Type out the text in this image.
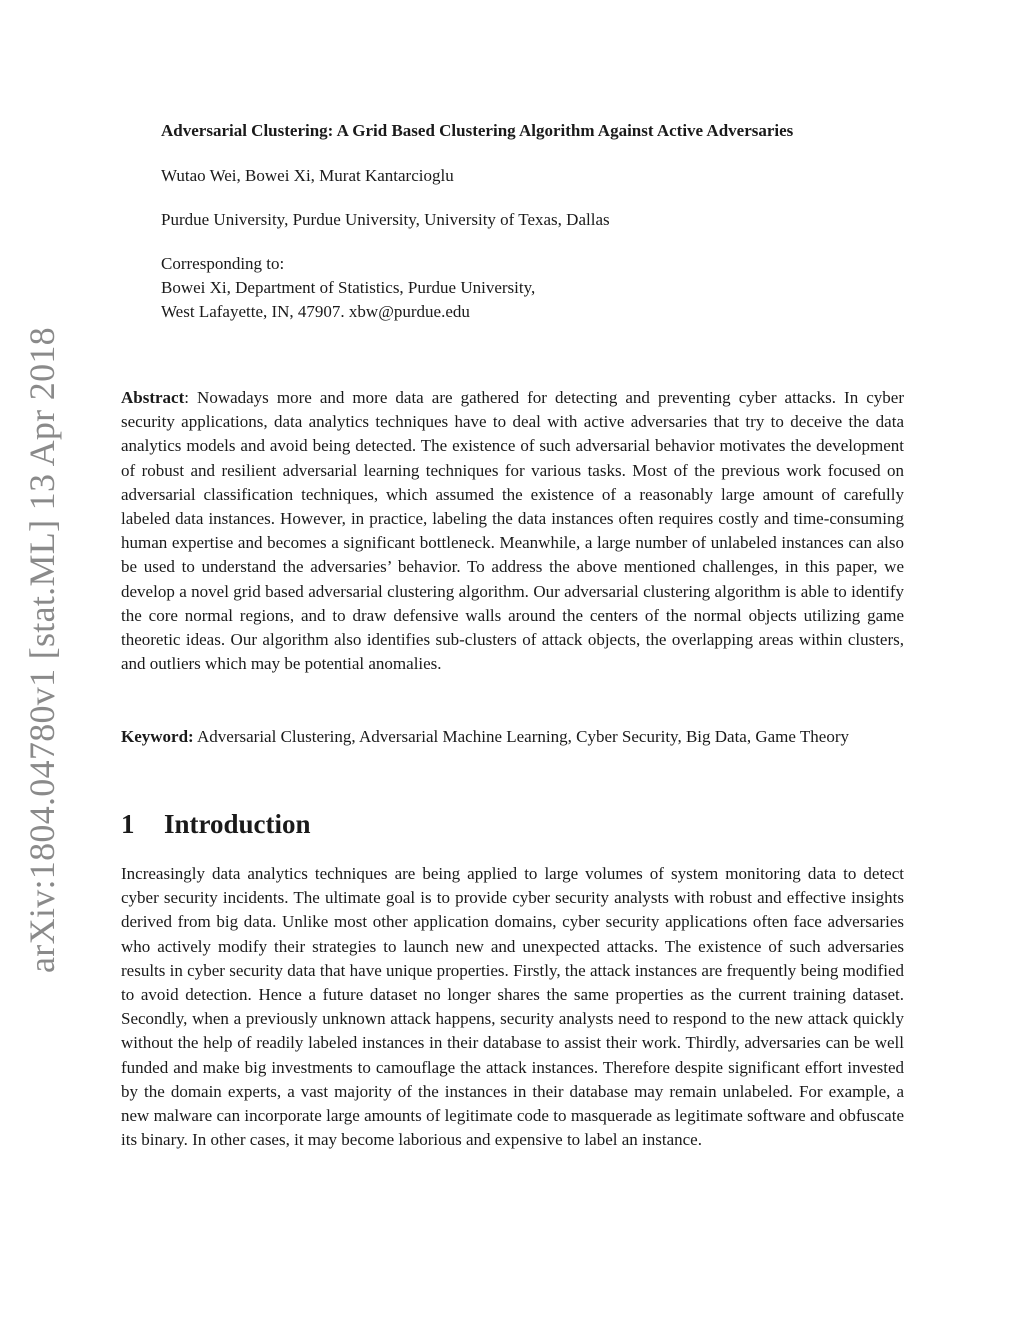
arXiv:1804.04780v1 [stat.ML] 13 Apr 2018

Adversarial Clustering: A Grid Based Clustering Algorithm Against Active Adversaries

Wutao Wei, Bowei Xi, Murat Kantarcioglu

Purdue University, Purdue University, University of Texas, Dallas

Corresponding to:
Bowei Xi, Department of Statistics, Purdue University,
West Lafayette, IN, 47907. xbw@purdue.edu

Abstract: Nowadays more and more data are gathered for detecting and preventing cyber attacks. In cyber security applications, data analytics techniques have to deal with active adversaries that try to deceive the data analytics models and avoid being detected. The existence of such adversarial behavior motivates the development of robust and resilient adversarial learning techniques for various tasks. Most of the previous work focused on adversarial classification techniques, which assumed the existence of a reasonably large amount of carefully labeled data instances. However, in practice, labeling the data instances often requires costly and time-consuming human expertise and becomes a significant bottleneck. Meanwhile, a large number of unlabeled instances can also be used to understand the adversaries’ behavior. To address the above mentioned challenges, in this paper, we develop a novel grid based adversarial clustering algorithm. Our adversarial clustering algorithm is able to identify the core normal regions, and to draw defensive walls around the centers of the normal objects utilizing game theoretic ideas. Our algorithm also identifies sub-clusters of attack objects, the overlapping areas within clusters, and outliers which may be potential anomalies.

Keyword: Adversarial Clustering, Adversarial Machine Learning, Cyber Security, Big Data, Game Theory

1 Introduction

Increasingly data analytics techniques are being applied to large volumes of system monitoring data to detect cyber security incidents. The ultimate goal is to provide cyber security analysts with robust and effective insights derived from big data. Unlike most other application domains, cyber security applications often face adversaries who actively modify their strategies to launch new and unexpected attacks. The existence of such adversaries results in cyber security data that have unique properties. Firstly, the attack instances are frequently being modified to avoid detection. Hence a future dataset no longer shares the same properties as the current training dataset. Secondly, when a previously unknown attack happens, security analysts need to respond to the new attack quickly without the help of readily labeled instances in their database to assist their work. Thirdly, adversaries can be well funded and make big investments to camouflage the attack instances. Therefore despite significant effort invested by the domain experts, a vast majority of the instances in their database may remain unlabeled. For example, a new malware can incorporate large amounts of legitimate code to masquerade as legitimate software and obfuscate its binary. In other cases, it may become laborious and expensive to label an instance.
